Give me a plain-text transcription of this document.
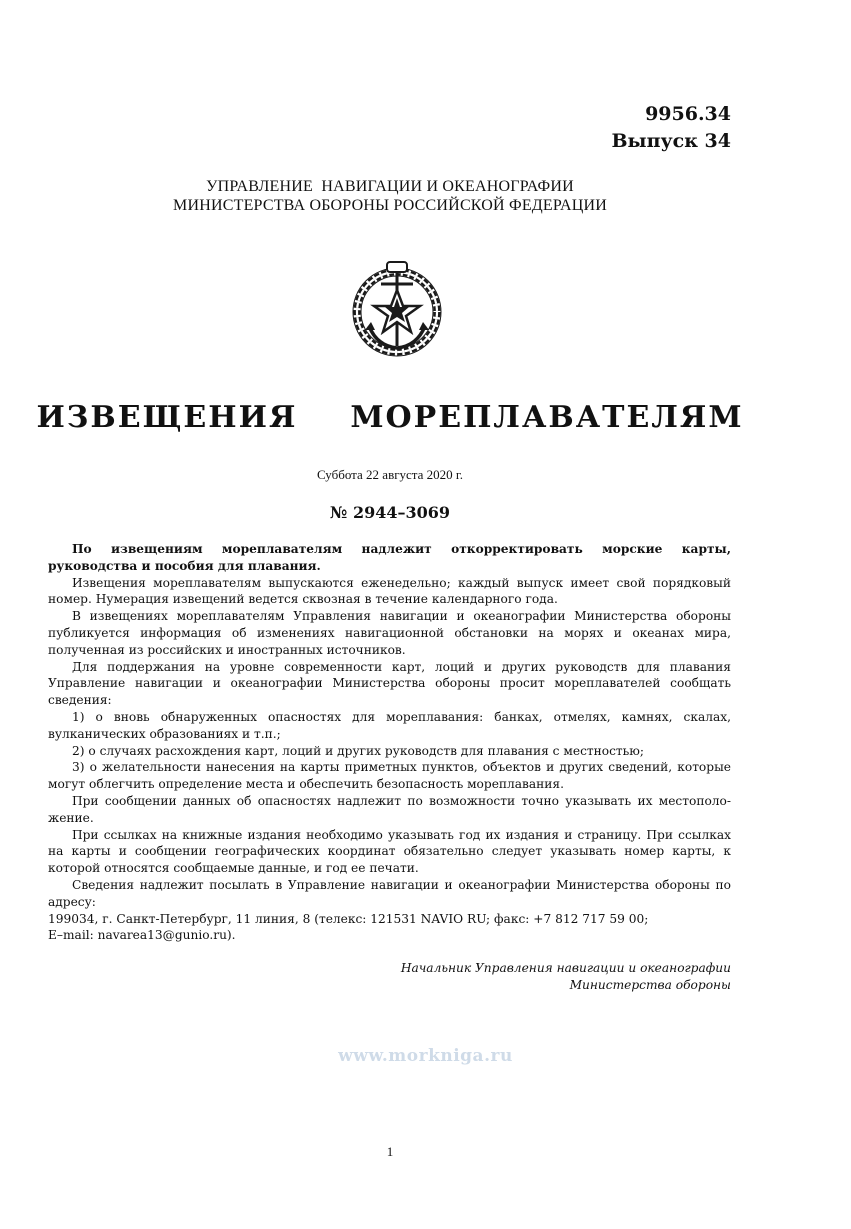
9956.34
Выпуск 34
УПРАВЛЕНИЕ  НАВИГАЦИИ И ОКЕАНОГРАФИИ
МИНИСТЕРСТВА ОБОРОНЫ РОССИЙСКОЙ ФЕДЕРАЦИИ
ИЗВЕЩЕНИЯ  МОРЕПЛАВАТЕЛЯМ
Суббота 22 августа 2020 г.
№ 2944–3069

По извещениям мореплавателям надлежит откорректировать морские карты, руководства и пособия для плавания.

Извещения мореплавателям выпускаются еженедельно; каждый выпуск имеет свой порядковый номер. Нумерация извещений ведется сквозная в течение календарного года.

В извещениях мореплавателям Управления навигации и океанографии Министерства обороны публикуется информация об изменениях навигационной обстановки на морях и океанах мира, полученная из российских и иностранных источников.

Для поддержания на уровне современности карт, лоций и других руководств для плавания Управление навигации и океанографии Министерства обороны просит мореплавателей сообщать сведения:

1) о вновь обнаруженных опасностях для мореплавания: банках, отмелях, камнях, скалах, вулканических образованиях и т.п.;

2) о случаях расхождения карт, лоций и других руководств для плавания с местностью;

3) о желательности нанесения на карты приметных пунктов, объектов и других сведений, которые могут облегчить определение места и обеспечить безопасность мореплавания.

При сообщении данных об опасностях надлежит по возможности точно указывать их местополо- жение.

При ссылках на книжные издания необходимо указывать год их издания и страницу. При ссылках на карты и сообщении географических координат обязательно следует указывать номер карты, к которой относятся сообщаемые данные, и год ее печати.

Сведения надлежит посылать в Управление навигации и океанографии Министерства обороны по адресу:

199034, г. Санкт-Петербург, 11 линия, 8 (телекс: 121531 NAVIO RU; факс: +7 812 717 59 00;

E–mail: navarea13@gunio.ru).

Начальник Управления навигации и океанографии
Министерства обороны
www.morkniga.ru
1
